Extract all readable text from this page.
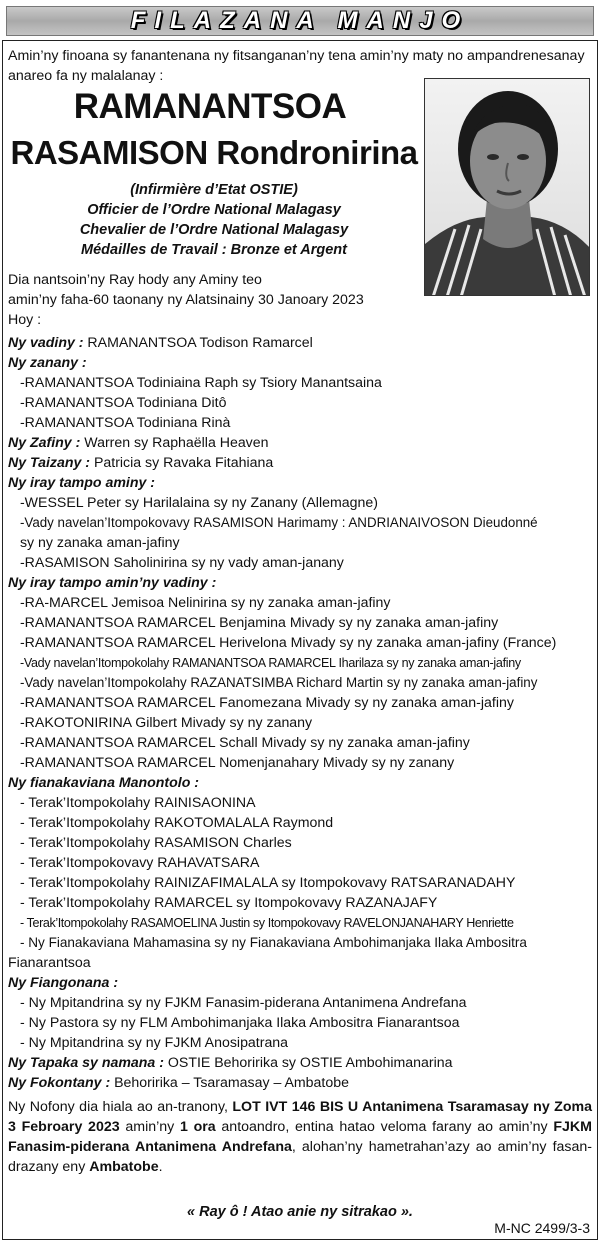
FILAZANA MANJO
Amin’ny finoana sy fanantenana ny fitsanganan’ny tena amin’ny maty no ampandrenesanay anareo fa ny malalanay :
RAMANANTSOA
RASAMISON Rondronirina
(Infirmière d’Etat OSTIE)
Officier de l’Ordre National Malagasy
Chevalier de l’Ordre National Malagasy
Médailles de Travail : Bronze et Argent
Dia nantsoin’ny Ray hody any Aminy teo
amin’ny faha-60 taonany ny Alatsinainy 30 Janoary 2023
Hoy :
Ny vadiny : RAMANANTSOA Todison Ramarcel
Ny zanany :
-RAMANANTSOA Todiniaina Raph sy Tsiory Manantsaina
-RAMANANTSOA Todiniana Ditô
-RAMANANTSOA Todiniana Rinà
Ny Zafiny : Warren sy Raphaëlla Heaven
Ny Taizany : Patricia sy Ravaka Fitahiana
Ny iray tampo aminy :
-WESSEL Peter sy Harilalaina sy ny Zanany (Allemagne)
-Vady navelan’Itompokovavy RASAMISON Harimamy : ANDRIANAIVOSON Dieudonné
sy ny zanaka aman-jafiny
-RASAMISON Saholinirina sy ny vady aman-janany
Ny iray tampo amin’ny vadiny :
-RA-MARCEL Jemisoa Nelinirina sy ny zanaka aman-jafiny
-RAMANANTSOA RAMARCEL Benjamina Mivady sy ny zanaka aman-jafiny
-RAMANANTSOA RAMARCEL Herivelona Mivady sy ny zanaka aman-jafiny (France)
-Vady navelan’Itompokolahy RAMANANTSOA RAMARCEL Iharilaza sy ny zanaka aman-jafiny
-Vady navelan’Itompokolahy RAZANATSIMBA Richard Martin sy ny zanaka aman-jafiny
-RAMANANTSOA RAMARCEL Fanomezana Mivady sy ny zanaka aman-jafiny
-RAKOTONIRINA Gilbert Mivady sy ny zanany
-RAMANANTSOA RAMARCEL Schall Mivady sy ny zanaka aman-jafiny
-RAMANANTSOA RAMARCEL Nomenjanahary Mivady sy ny zanany
Ny fianakaviana Manontolo :
- Terak’Itompokolahy RAINISAONINA
- Terak’Itompokolahy RAKOTOMALALA Raymond
- Terak’Itompokolahy RASAMISON Charles
- Terak’Itompokovavy RAHAVATSARA
- Terak’Itompokolahy RAINIZAFIMALALA sy Itompokovavy RATSARANADAHY
- Terak’Itompokolahy RAMARCEL sy Itompokovavy RAZANAJAFY
- Terak’Itompokolahy RASAMOELINA Justin sy Itompokovavy RAVELONJANAHARY Henriette
- Ny Fianakaviana Mahamasina sy ny Fianakaviana Ambohimanjaka Ilaka Ambositra
Fianarantsoa
Ny Fiangonana :
- Ny Mpitandrina sy ny FJKM Fanasim-piderana Antanimena Andrefana
- Ny Pastora sy ny FLM Ambohimanjaka Ilaka Ambositra Fianarantsoa
- Ny Mpitandrina sy ny FJKM Anosipatrana
Ny Tapaka sy namana : OSTIE Behoririka sy OSTIE Ambohimanarina
Ny Fokontany : Behoririka – Tsaramasay – Ambatobe
Ny Nofony dia hiala ao an-tranony, LOT IVT 146 BIS U Antanimena Tsaramasay ny Zoma 3 Febroary 2023 amin’ny 1 ora antoandro, entina hatao veloma farany ao amin’ny FJKM Fanasim-piderana Antanimena Andrefana, alohan’ny hametrahan’azy ao amin’ny fasan-drazany eny Ambatobe.
« Ray ô ! Atao anie ny sitrakao ».
M-NC 2499/3-3
